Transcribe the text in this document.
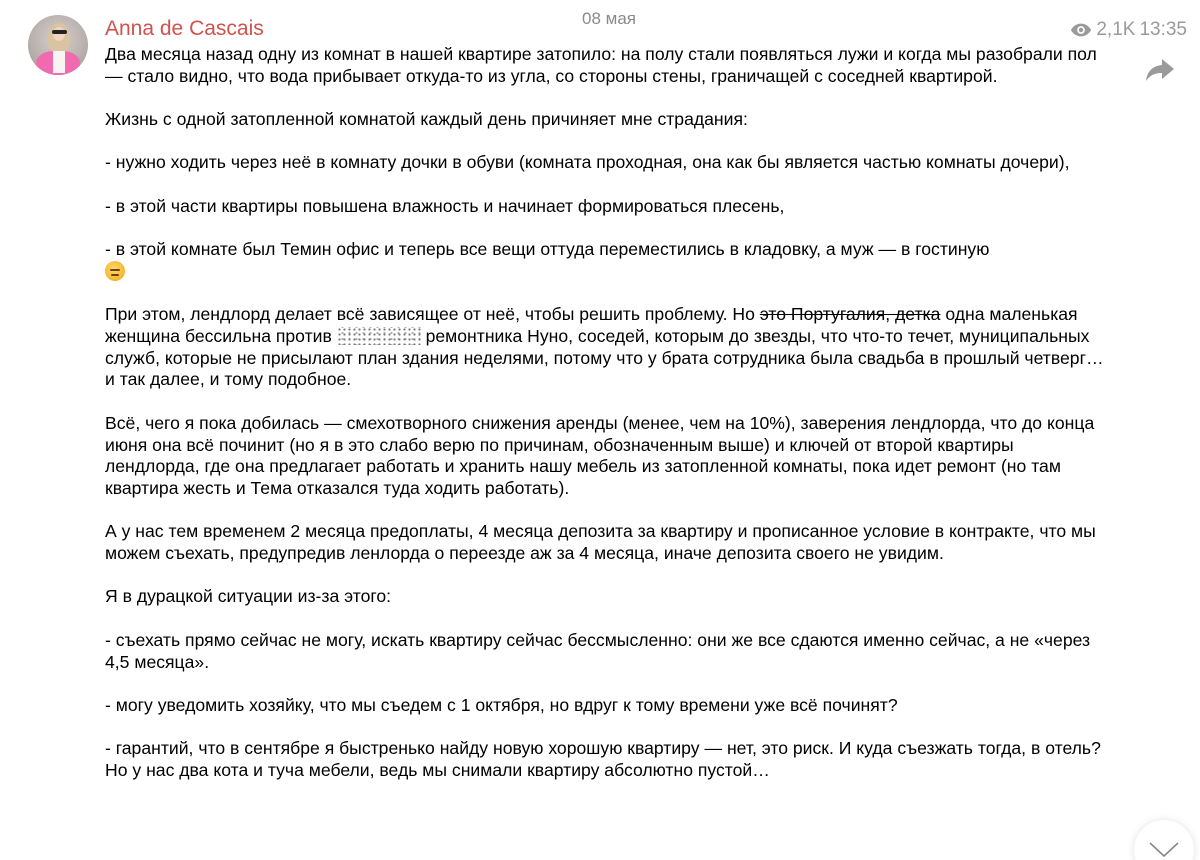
08 мая
2,1K 13:35
Anna de Cascais

Два месяца назад одну из комнат в нашей квартире затопило: на полу стали появляться лужи и когда мы разобрали пол — стало видно, что вода прибывает откуда-то из угла, со стороны стены, граничащей с соседней квартирой.

Жизнь с одной затопленной комнатой каждый день причиняет мне страдания:

- нужно ходить через неё в комнату дочки в обуви (комната проходная, она как бы является частью комнаты дочери),

- в этой части квартиры повышена влажность и начинает формироваться плесень,

- в этой комнате был Темин офис и теперь все вещи оттуда переместились в кладовку, а муж — в гостиную

При этом, лендлорд делает всё зависящее от неё, чтобы решить проблему. Но это Португалия, детка одна маленькая женщина бессильна против	ремонтника Нуно, соседей, которым до звезды, что что-то течет, муниципальных служб, которые не присылают план здания неделями, потому что у брата сотрудника была свадьба в прошлый четверг… и так далее, и тому подобное.

Всё, чего я пока добилась — смехотворного снижения аренды (менее, чем на 10%), заверения лендлорда, что до конца июня она всё починит (но я в это слабо верю по причинам, обозначенным выше) и ключей от второй квартиры лендлорда, где она предлагает работать и хранить нашу мебель из затопленной комнаты, пока идет ремонт (но там квартира жесть и Тема отказался туда ходить работать).

А у нас тем временем 2 месяца предоплаты, 4 месяца депозита за квартиру и прописанное условие в контракте, что мы можем съехать, предупредив ленлорда о переезде аж за 4 месяца, иначе депозита своего не увидим.

Я в дурацкой ситуации из-за этого:

- съехать прямо сейчас не могу, искать квартиру сейчас бессмысленно: они же все сдаются именно сейчас, а не «через 4,5 месяца».

- могу уведомить хозяйку, что мы съедем с 1 октября, но вдруг к тому времени уже всё починят?

- гарантий, что в сентябре я быстренько найду новую хорошую квартиру — нет, это риск. И куда съезжать тогда, в отель? Но у нас два кота и туча мебели, ведь мы снимали квартиру абсолютно пустой…
